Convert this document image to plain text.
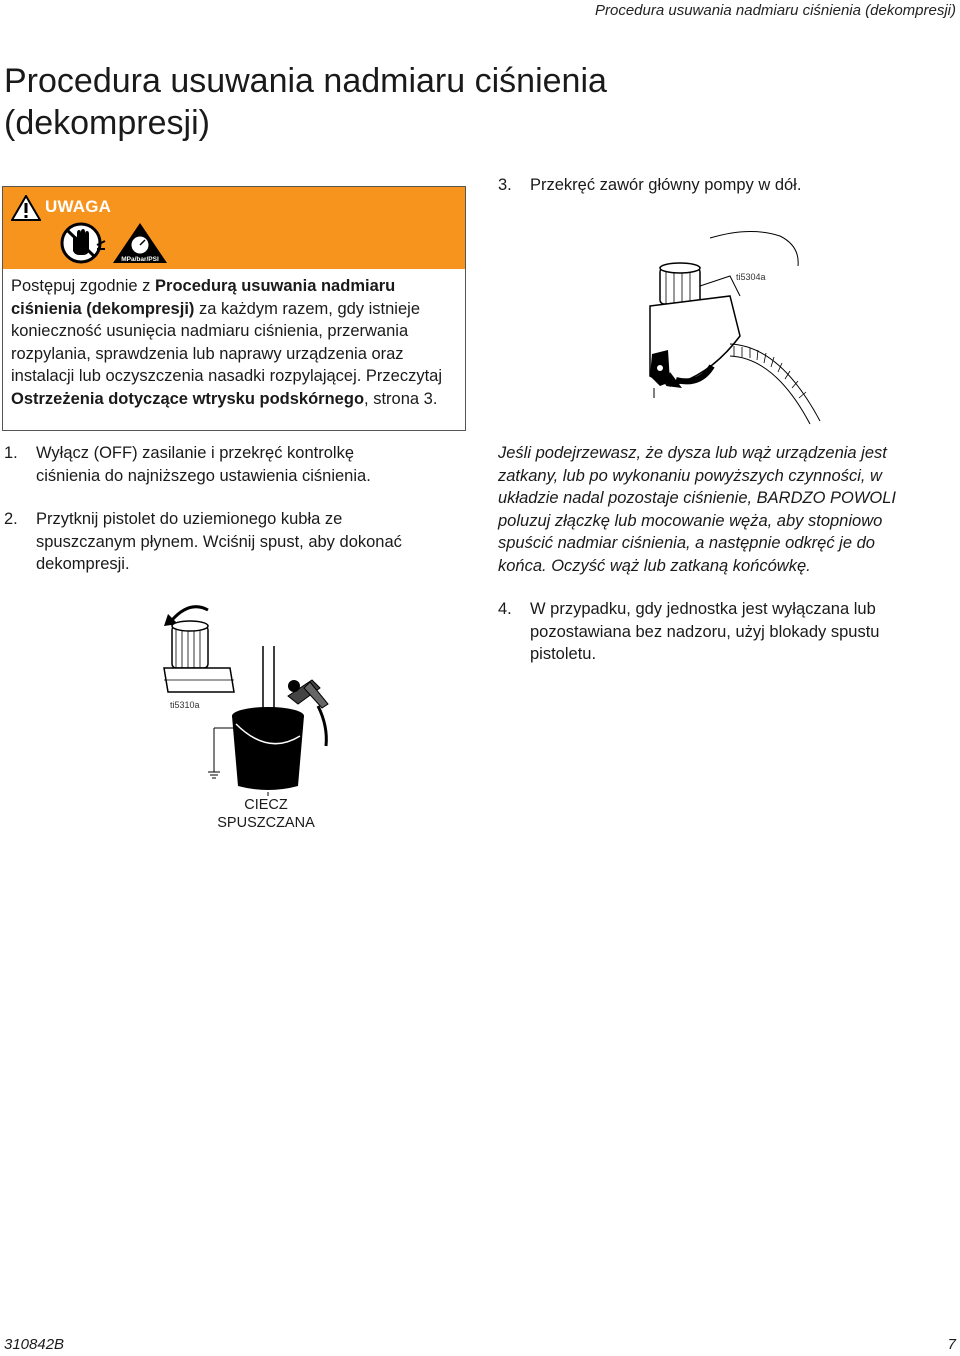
Procedura usuwania nadmiaru ciśnienia (dekompresji)
Procedura usuwania nadmiaru ciśnienia
(dekompresji)
UWAGA
MPa/bar/PSI
Postępuj zgodnie z Procedurą usuwania nadmiaru ciśnienia (dekompresji) za każdym razem, gdy istnieje konieczność usunięcia nadmiaru ciśnienia, przerwania rozpylania, sprawdzenia lub naprawy urządzenia oraz instalacji lub oczyszczenia nasadki rozpylającej. Przeczytaj Ostrzeżenia dotyczące wtrysku podskórnego, strona 3.
1. Wyłącz (OFF) zasilanie i przekręć kontrolkę
ciśnienia do najniższego ustawienia ciśnienia.
2. Przytknij pistolet do uziemionego kubła ze
spuszczanym płynem. Wciśnij spust, aby dokonać
dekompresji.
ti5310a
CIECZ
SPUSZCZANA
3. Przekręć zawór główny pompy w dół.
ti5304a
Jeśli podejrzewasz, że dysza lub wąż urządzenia jest
zatkany, lub po wykonaniu powyższych czynności, w
układzie nadal pozostaje ciśnienie, BARDZO POWOLI
poluzuj złączkę lub mocowanie węża, aby stopniowo
spuścić nadmiar ciśnienia, a następnie odkręć je do
końca. Oczyść wąż lub zatkaną końcówkę.
4. W przypadku, gdy jednostka jest wyłączana lub
pozostawiana bez nadzoru, użyj blokady spustu
pistoletu.
310842B	7
